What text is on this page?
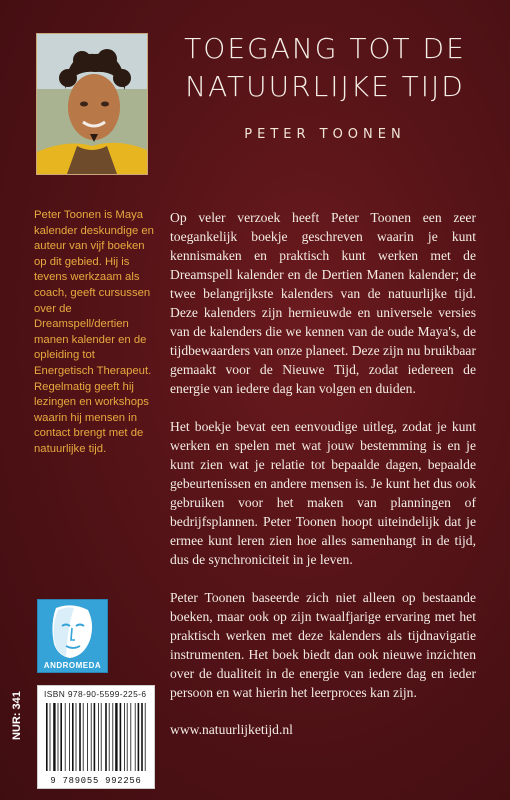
TOEGANG TOT DE
NATUURLIJKE TIJD
PETER TOONEN
Peter Toonen is Maya kalender deskundige en auteur van vijf boeken op dit gebied. Hij is tevens werkzaam als coach, geeft cursussen over de Dreamspell/dertien manen kalender en de opleiding tot Energetisch Therapeut. Regelmatig geeft hij lezingen en workshops waarin hij mensen in contact brengt met de natuurlijke tijd.

Op veler verzoek heeft Peter Toonen een zeer toegankelijk boekje geschreven waarin je kunt kennismaken en praktisch kunt werken met de Dreamspell kalender en de Dertien Manen kalender; de twee belangrijkste kalenders van de natuurlijke tijd. Deze kalenders zijn hernieuwde en universele versies van de kalenders die we kennen van de oude Maya's, de tijdbewaarders van onze planeet. Deze zijn nu bruikbaar gemaakt voor de Nieuwe Tijd, zodat iedereen de energie van iedere dag kan volgen en duiden.

Het boekje bevat een eenvoudige uitleg, zodat je kunt werken en spelen met wat jouw bestemming is en je kunt zien wat je relatie tot bepaalde dagen, bepaalde gebeurtenissen en andere mensen is. Je kunt het dus ook gebruiken voor het maken van planningen of bedrijfsplannen. Peter Toonen hoopt uiteindelijk dat je ermee kunt leren zien hoe alles samenhangt in de tijd, dus de synchroniciteit in je leven.

Peter Toonen baseerde zich niet alleen op bestaande boeken, maar ook op zijn twaalfjarige ervaring met het praktisch werken met deze kalenders als tijdnavigatie instrumenten. Het boek biedt dan ook nieuwe inzichten over de dualiteit in de energie van iedere dag en ieder persoon en wat hierin het leerproces kan zijn.

www.natuurlijketijd.nl
ANDROMEDA
ISBN 978-90-5599-225-6
9 789055 992256
NUR: 341
